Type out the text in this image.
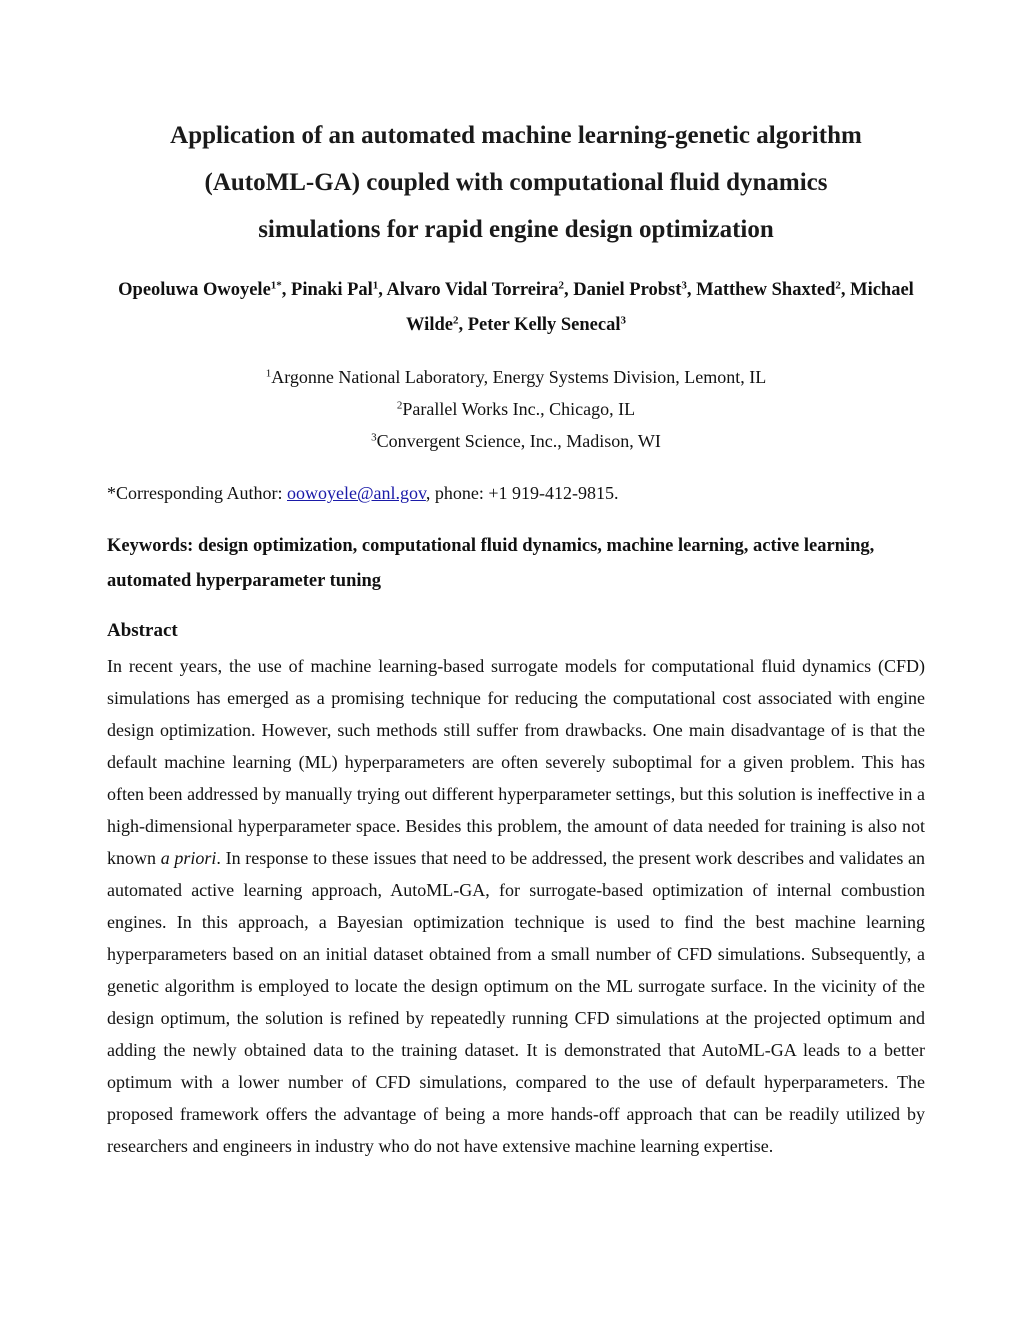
Application of an automated machine learning-genetic algorithm
(AutoML-GA) coupled with computational fluid dynamics
simulations for rapid engine design optimization
Opeoluwa Owoyele$^{1*}$, Pinaki Pal$^1$, Alvaro Vidal Torreira$^2$, Daniel Probst$^3$, Matthew Shaxted$^2$, Michael Wilde$^2$, Peter Kelly Senecal$^3$
$^1$Argonne National Laboratory, Energy Systems Division, Lemont, IL
$^2$Parallel Works Inc., Chicago, IL
$^3$Convergent Science, Inc., Madison, WI
*Corresponding Author: oowoyele@anl.gov, phone: +1 919-412-9815.
Keywords: design optimization, computational fluid dynamics, machine learning, active learning, automated hyperparameter tuning
Abstract
In recent years, the use of machine learning-based surrogate models for computational fluid dynamics (CFD) simulations has emerged as a promising technique for reducing the computational cost associated with engine design optimization. However, such methods still suffer from drawbacks. One main disadvantage of is that the default machine learning (ML) hyperparameters are often severely suboptimal for a given problem. This has often been addressed by manually trying out different hyperparameter settings, but this solution is ineffective in a high-dimensional hyperparameter space. Besides this problem, the amount of data needed for training is also not known a priori. In response to these issues that need to be addressed, the present work describes and validates an automated active learning approach, AutoML-GA, for surrogate-based optimization of internal combustion engines. In this approach, a Bayesian optimization technique is used to find the best machine learning hyperparameters based on an initial dataset obtained from a small number of CFD simulations. Subsequently, a genetic algorithm is employed to locate the design optimum on the ML surrogate surface. In the vicinity of the design optimum, the solution is refined by repeatedly running CFD simulations at the projected optimum and adding the newly obtained data to the training dataset. It is demonstrated that AutoML-GA leads to a better optimum with a lower number of CFD simulations, compared to the use of default hyperparameters. The proposed framework offers the advantage of being a more hands-off approach that can be readily utilized by researchers and engineers in industry who do not have extensive machine learning expertise.
